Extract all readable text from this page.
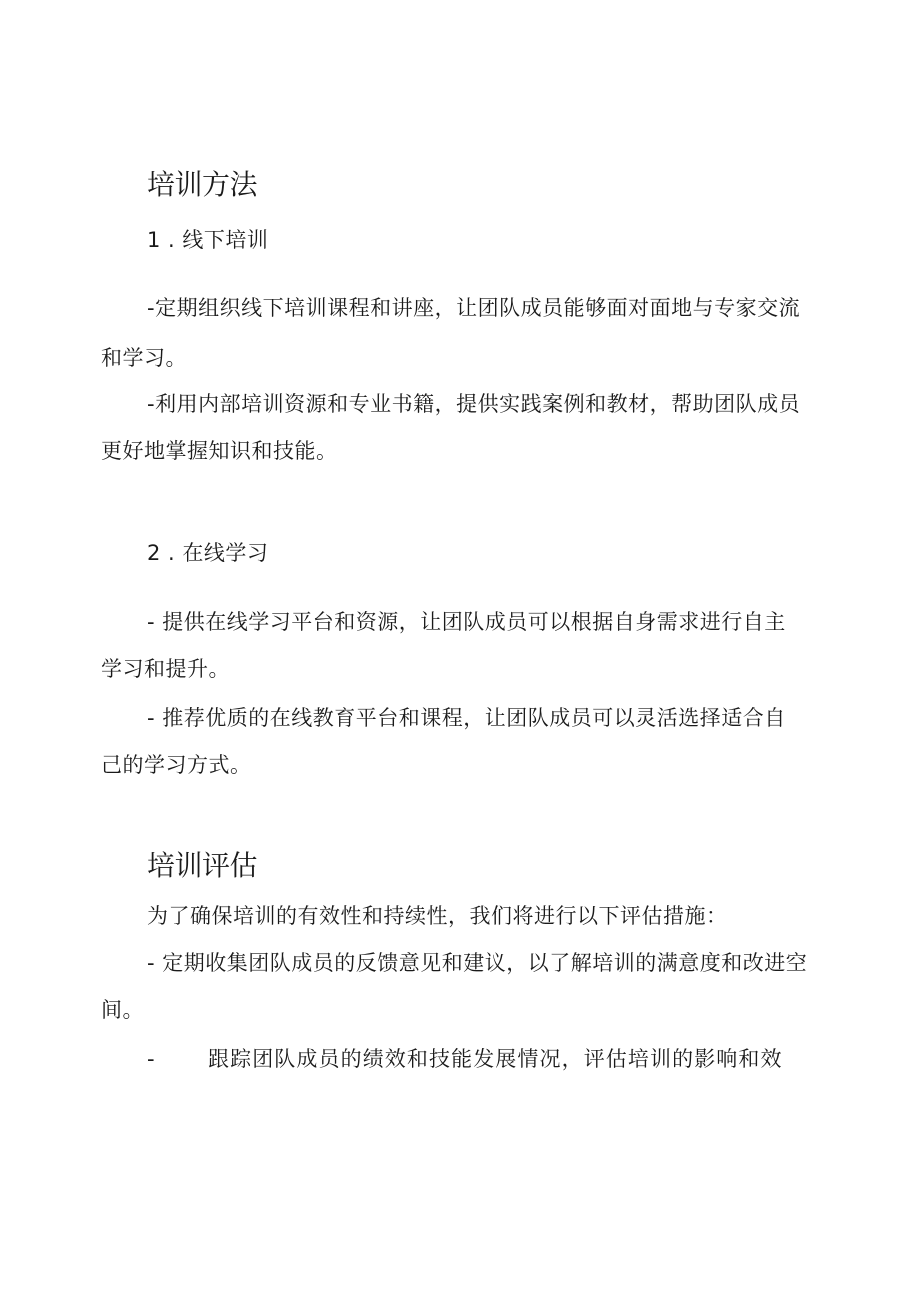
培训方法

1 . 线下培训

-定期组织线下培训课程和讲座，让团队成员能够面对面地与专家交流

和学习。

-利用内部培训资源和专业书籍，提供实践案例和教材，帮助团队成员

更好地掌握知识和技能。

2 . 在线学习

- 提供在线学习平台和资源，让团队成员可以根据自身需求进行自主

学习和提升。

- 推荐优质的在线教育平台和课程，让团队成员可以灵活选择适合自

己的学习方式。

培训评估

为了确保培训的有效性和持续性，我们将进行以下评估措施：

- 定期收集团队成员的反馈意见和建议，以了解培训的满意度和改进空

间。

-	跟踪团队成员的绩效和技能发展情况，评估培训的影响和效
